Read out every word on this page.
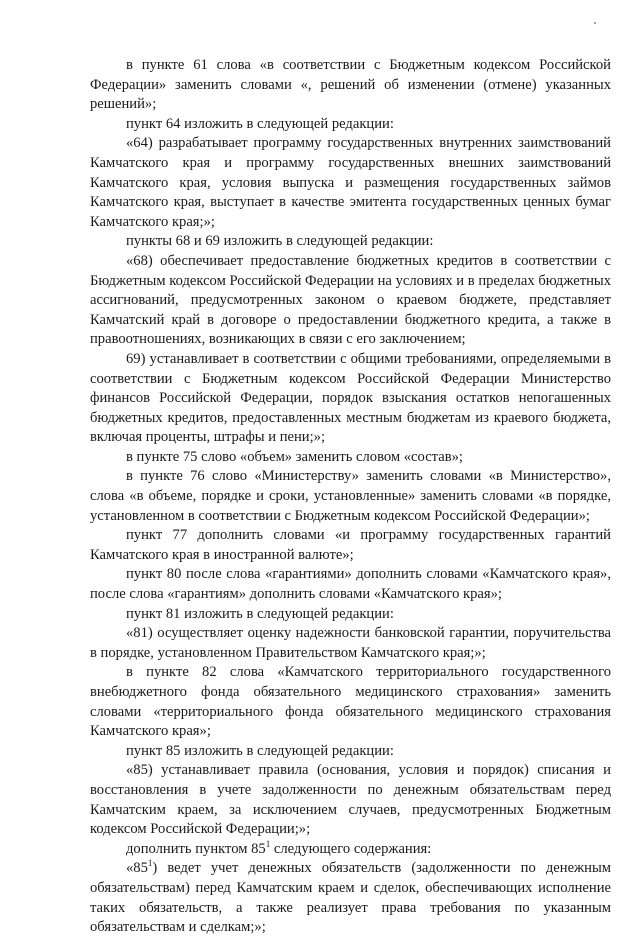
в пункте 61 слова «в соответствии с Бюджетным кодексом Российской Федерации» заменить словами «, решений об изменении (отмене) указанных решений»;

пункт 64 изложить в следующей редакции:

«64) разрабатывает программу государственных внутренних заимствований Камчатского края и программу государственных внешних заимствований Камчатского края, условия выпуска и размещения государственных займов Камчатского края, выступает в качестве эмитента государственных ценных бумаг Камчатского края;»;

пункты 68 и 69 изложить в следующей редакции:

«68) обеспечивает предоставление бюджетных кредитов в соответствии с Бюджетным кодексом Российской Федерации на условиях и в пределах бюджетных ассигнований, предусмотренных законом о краевом бюджете, представляет Камчатский край в договоре о предоставлении бюджетного кредита, а также в правоотношениях, возникающих в связи с его заключением;

69) устанавливает в соответствии с общими требованиями, определяемыми в соответствии с Бюджетным кодексом Российской Федерации Министерство финансов Российской Федерации, порядок взыскания остатков непогашенных бюджетных кредитов, предоставленных местным бюджетам из краевого бюджета, включая проценты, штрафы и пени;»;

в пункте 75 слово «объем» заменить словом «состав»;

в пункте 76 слово «Министерству» заменить словами «в Министерство», слова «в объеме, порядке и сроки, установленные» заменить словами «в порядке, установленном в соответствии с Бюджетным кодексом Российской Федерации»;

пункт 77 дополнить словами «и программу государственных гарантий Камчатского края в иностранной валюте»;

пункт 80 после слова «гарантиями» дополнить словами «Камчатского края», после слова «гарантиям» дополнить словами «Камчатского края»;

пункт 81 изложить в следующей редакции:

«81) осуществляет оценку надежности банковской гарантии, поручительства в порядке, установленном Правительством Камчатского края;»;

в пункте 82 слова «Камчатского территориального государственного внебюджетного фонда обязательного медицинского страхования» заменить словами «территориального фонда обязательного медицинского страхования Камчатского края»;

пункт 85 изложить в следующей редакции:

«85) устанавливает правила (основания, условия и порядок) списания и восстановления в учете задолженности по денежным обязательствам перед Камчатским краем, за исключением случаев, предусмотренных Бюджетным кодексом Российской Федерации;»;

дополнить пунктом $85^1$ следующего содержания:

«$85^1$) ведет учет денежных обязательств (задолженности по денежным обязательствам) перед Камчатским краем и сделок, обеспечивающих исполнение таких обязательств, а также реализует права требования по указанным обязательствам и сделкам;»;
